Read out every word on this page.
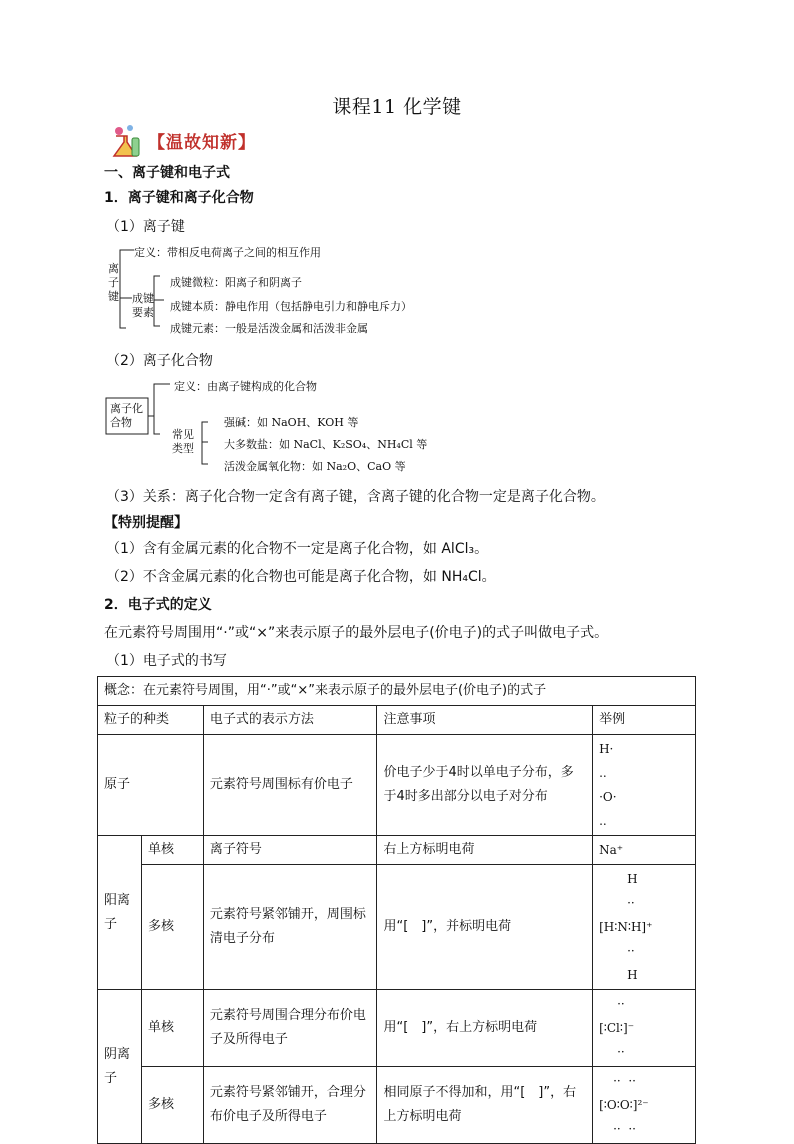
课程11 化学键
【温故知新】
一、离子键和电子式
1．离子键和离子化合物
（1）离子键
离
子
键
定义：带相反电荷离子之间的相互作用
成键
要素
成键微粒：阳离子和阴离子
成键本质：静电作用（包括静电引力和静电斥力）
成键元素：一般是活泼金属和活泼非金属
（2）离子化合物
离子化
合物
定义：由离子键构成的化合物
常见
类型
强碱：如 NaOH、KOH 等
大多数盐：如 NaCl、K₂SO₄、NH₄Cl 等
活泼金属氧化物：如 Na₂O、CaO 等
（3）关系：离子化合物一定含有离子键，含离子键的化合物一定是离子化合物。
【特别提醒】
（1）含有金属元素的化合物不一定是离子化合物，如 AlCl₃。
（2）不含金属元素的化合物也可能是离子化合物，如 NH₄Cl。
2．电子式的定义
在元素符号周围用“·”或“×”来表示原子的最外层电子(价电子)的式子叫做电子式。
（1）电子式的书写
概念：在元素符号周围，用“·”或“×”来表示原子的最外层电子(价电子)的式子				
粒子的种类		电子式的表示方法	注意事项	举例
原子		元素符号周围标有价电子	价电子少于4时以单电子分布，多于4时多出部分以电子对分布	H·
..
·O·
..

阳离子	单核	离子符号	右上方标明电荷	Na⁺
	多核	元素符号紧邻铺开，周围标清电子分布	用“[　]”，并标明电荷	H
··
[H∶N∶H]⁺
··
H

阴离子	单核	元素符号周围合理分布价电子及所得电子	用“[　]”，右上方标明电荷	··
[∶Cl∶]⁻
··

	多核	元素符号紧邻铺开，合理分布价电子及所得电子	相同原子不得加和，用“[　]”，右上方标明电荷	··  ··
[∶O∶O∶]²⁻
··  ··
